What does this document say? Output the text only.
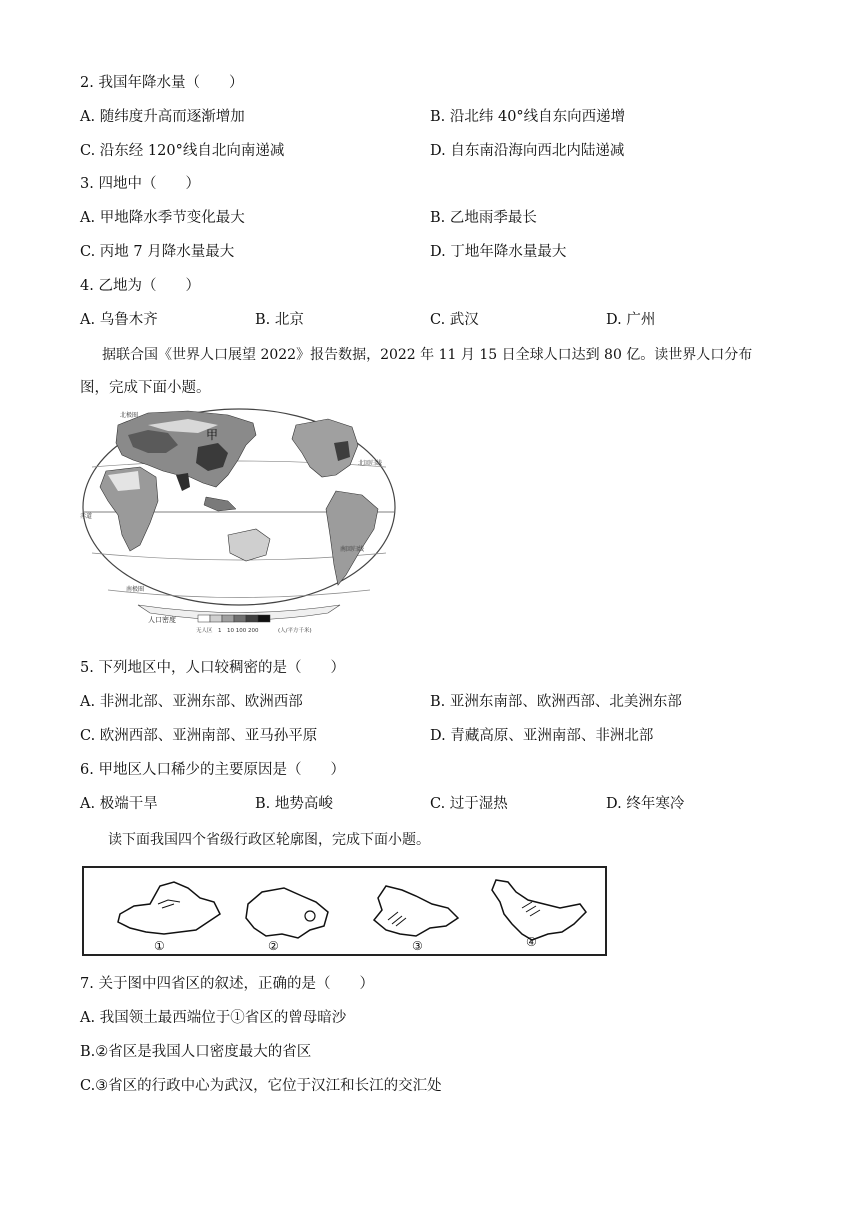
2. 我国年降水量（　　）
A. 随纬度升高而逐渐增加	B. 沿北纬 40°线自东向西递增
C. 沿东经 120°线自北向南递减	D. 自东南沿海向西北内陆递减
3. 四地中（　　）
A. 甲地降水季节变化最大	B. 乙地雨季最长
C. 丙地 7 月降水量最大	D. 丁地年降水量最大
4. 乙地为（　　）
A. 乌鲁木齐	B. 北京	C. 武汉	D. 广州
据联合国《世界人口展望 2022》报告数据，2022 年 11 月 15 日全球人口达到 80 亿。读世界人口分布
图，完成下面小题。
甲
北极圈
北回归线
赤道
南回归线
南极圈
人口密度
无人区　1　10 100 200	(人/平方千米)
5. 下列地区中，人口较稠密的是（　　）
A. 非洲北部、亚洲东部、欧洲西部	B. 亚洲东南部、欧洲西部、北美洲东部
C. 欧洲西部、亚洲南部、亚马孙平原	D. 青藏高原、亚洲南部、非洲北部
6. 甲地区人口稀少的主要原因是（　　）
A. 极端干旱	B. 地势高峻	C. 过于湿热	D. 终年寒冷
读下面我国四个省级行政区轮廓图，完成下面小题。
①	②	③	④
7. 关于图中四省区的叙述，正确的是（　　）
A. 我国领土最西端位于①省区的曾母暗沙
B.②省区是我国人口密度最大的省区
C.③省区的行政中心为武汉，它位于汉江和长江的交汇处
